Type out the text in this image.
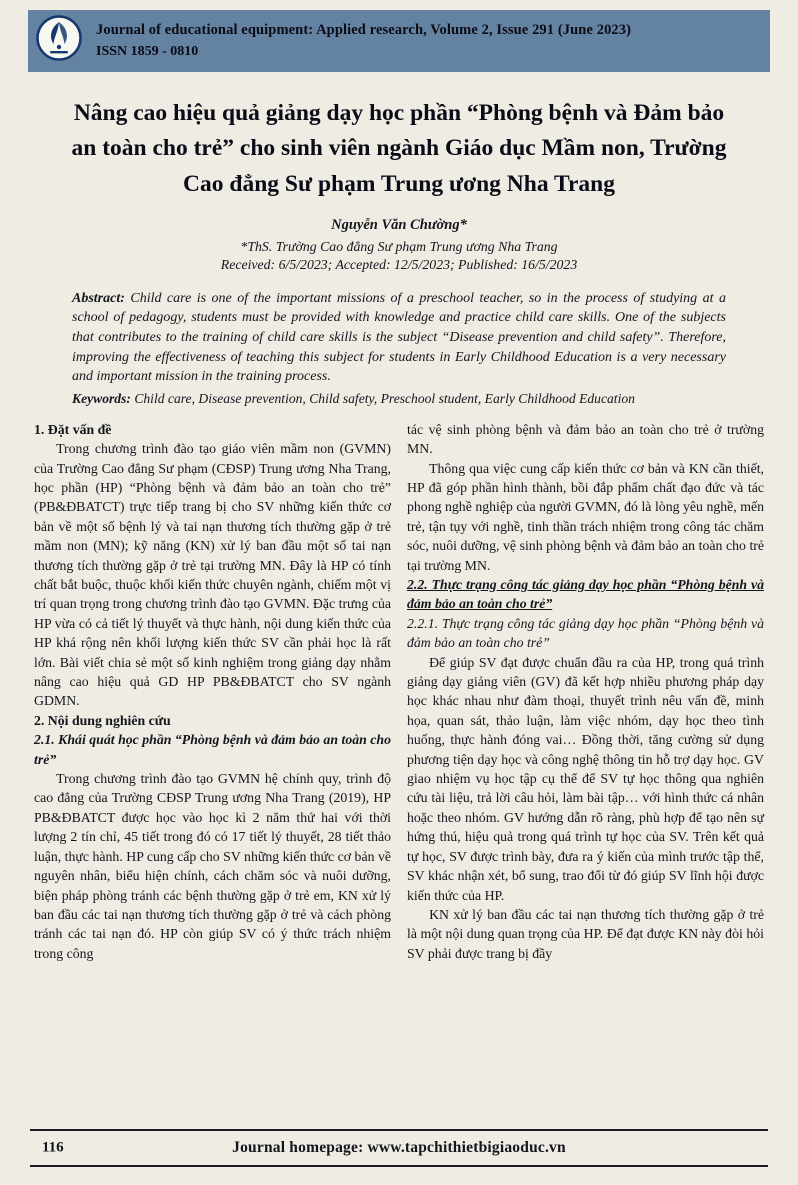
Journal of educational equipment: Applied research, Volume 2, Issue 291 (June 2023)
ISSN 1859 - 0810
Nâng cao hiệu quả giảng dạy học phần “Phòng bệnh và Đảm bảo an toàn cho trẻ” cho sinh viên ngành Giáo dục Mầm non, Trường Cao đẳng Sư phạm Trung ương Nha Trang
Nguyễn Văn Chường*
*ThS. Trường Cao đẳng Sư phạm Trung ương Nha Trang
Received: 6/5/2023; Accepted: 12/5/2023; Published: 16/5/2023

Abstract: Child care is one of the important missions of a preschool teacher, so in the process of studying at a school of pedagogy, students must be provided with knowledge and practice child care skills. One of the subjects that contributes to the training of child care skills is the subject “Disease prevention and child safety”. Therefore, improving the effectiveness of teaching this subject for students in Early Childhood Education is a very necessary and important mission in the training process.

Keywords: Child care, Disease prevention, Child safety, Preschool student, Early Childhood Education

1. Đặt vấn đề

Trong chương trình đào tạo giáo viên mầm non (GVMN) của Trường Cao đẳng Sư phạm (CĐSP) Trung ương Nha Trang, học phần (HP) “Phòng bệnh và đảm bảo an toàn cho trẻ” (PB&ĐBATCT) trực tiếp trang bị cho SV những kiến thức cơ bản về một số bệnh lý và tai nạn thương tích thường gặp ở trẻ mầm non (MN); kỹ năng (KN) xử lý ban đầu một số tai nạn thương tích thường gặp ở trẻ tại trường MN. Đây là HP có tính chất bắt buộc, thuộc khối kiến thức chuyên ngành, chiếm một vị trí quan trọng trong chương trình đào tạo GVMN. Đặc trưng của HP vừa có cả tiết lý thuyết và thực hành, nội dung kiến thức của HP khá rộng nên khối lượng kiến thức SV cần phải học là rất lớn. Bài viết chia sẻ một số kinh nghiệm trong giảng dạy nhằm nâng cao hiệu quả GD HP PB&ĐBATCT cho SV ngành GDMN.

2. Nội dung nghiên cứu

2.1. Khái quát học phần “Phòng bệnh và đảm bảo an toàn cho trẻ”

Trong chương trình đào tạo GVMN hệ chính quy, trình độ cao đẳng của Trường CĐSP Trung ương Nha Trang (2019), HP PB&ĐBATCT được học vào học kì 2 năm thứ hai với thời lượng 2 tín chỉ, 45 tiết trong đó có 17 tiết lý thuyết, 28 tiết thảo luận, thực hành. HP cung cấp cho SV những kiến thức cơ bản về nguyên nhân, biểu hiện chính, cách chăm sóc và nuôi dưỡng, biện pháp phòng tránh các bệnh thường gặp ở trẻ em, KN xử lý ban đầu các tai nạn thương tích thường gặp ở trẻ và cách phòng tránh các tai nạn đó. HP còn giúp SV có ý thức trách nhiệm trong công

tác vệ sinh phòng bệnh và đảm bảo an toàn cho trẻ ở trường MN.

Thông qua việc cung cấp kiến thức cơ bản và KN cần thiết, HP đã góp phần hình thành, bồi đắp phẩm chất đạo đức và tác phong nghề nghiệp của người GVMN, đó là lòng yêu nghề, mến trẻ, tận tụy với nghề, tinh thần trách nhiệm trong công tác chăm sóc, nuôi dưỡng, vệ sinh phòng bệnh và đảm bảo an toàn cho trẻ tại trường MN.

2.2. Thực trạng công tác giảng dạy học phần “Phòng bệnh và đảm bảo an toàn cho trẻ”

2.2.1. Thực trạng công tác giảng dạy học phần “Phòng bệnh và đảm bảo an toàn cho trẻ”

Để giúp SV đạt được chuẩn đầu ra của HP, trong quá trình giảng dạy giảng viên (GV) đã kết hợp nhiều phương pháp dạy học khác nhau như đàm thoại, thuyết trình nêu vấn đề, minh họa, quan sát, thảo luận, làm việc nhóm, dạy học theo tình huống, thực hành đóng vai… Đồng thời, tăng cường sử dụng phương tiện dạy học và công nghệ thông tin hỗ trợ dạy học. GV giao nhiệm vụ học tập cụ thể để SV tự học thông qua nghiên cứu tài liệu, trả lời câu hỏi, làm bài tập… với hình thức cá nhân hoặc theo nhóm. GV hướng dẫn rõ ràng, phù hợp để tạo nên sự hứng thú, hiệu quả trong quá trình tự học của SV. Trên kết quả tự học, SV được trình bày, đưa ra ý kiến của mình trước tập thể, SV khác nhận xét, bổ sung, trao đổi từ đó giúp SV lĩnh hội được kiến thức của HP.

KN xử lý ban đầu các tai nạn thương tích thường gặp ở trẻ là một nội dung quan trọng của HP. Để đạt được KN này đòi hỏi SV phải được trang bị đầy

116	Journal homepage: www.tapchithietbigiaoduc.vn
